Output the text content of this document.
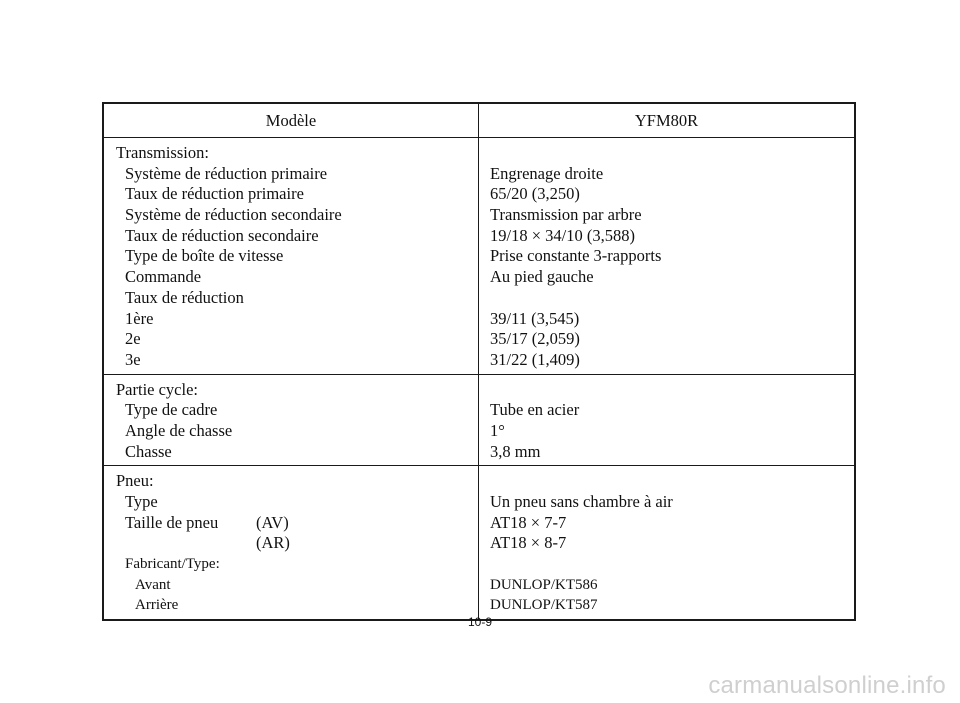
Modèle	YFM80R
Transmission:
Système de réduction primaire
Taux de réduction primaire
Système de réduction secondaire
Taux de réduction secondaire
Type de boîte de vitesse
Commande
Taux de réduction
1ère
2e
3e
Engrenage droite
65/20 (3,250)
Transmission par arbre
19/18 × 34/10 (3,588)
Prise constante 3-rapports
Au pied gauche
39/11 (3,545)
35/17 (2,059)
31/22 (1,409)
Partie cycle:
Type de cadre
Angle de chasse
Chasse
Tube en acier
1°
3,8 mm
Pneu:
Type
Taille de pneu	(AV)
(AR)
Fabricant/Type:
Avant
Arrière
Un pneu sans chambre à air
AT18 × 7-7
AT18 × 8-7
DUNLOP/KT586
DUNLOP/KT587
10-9
carmanualsonline.info
